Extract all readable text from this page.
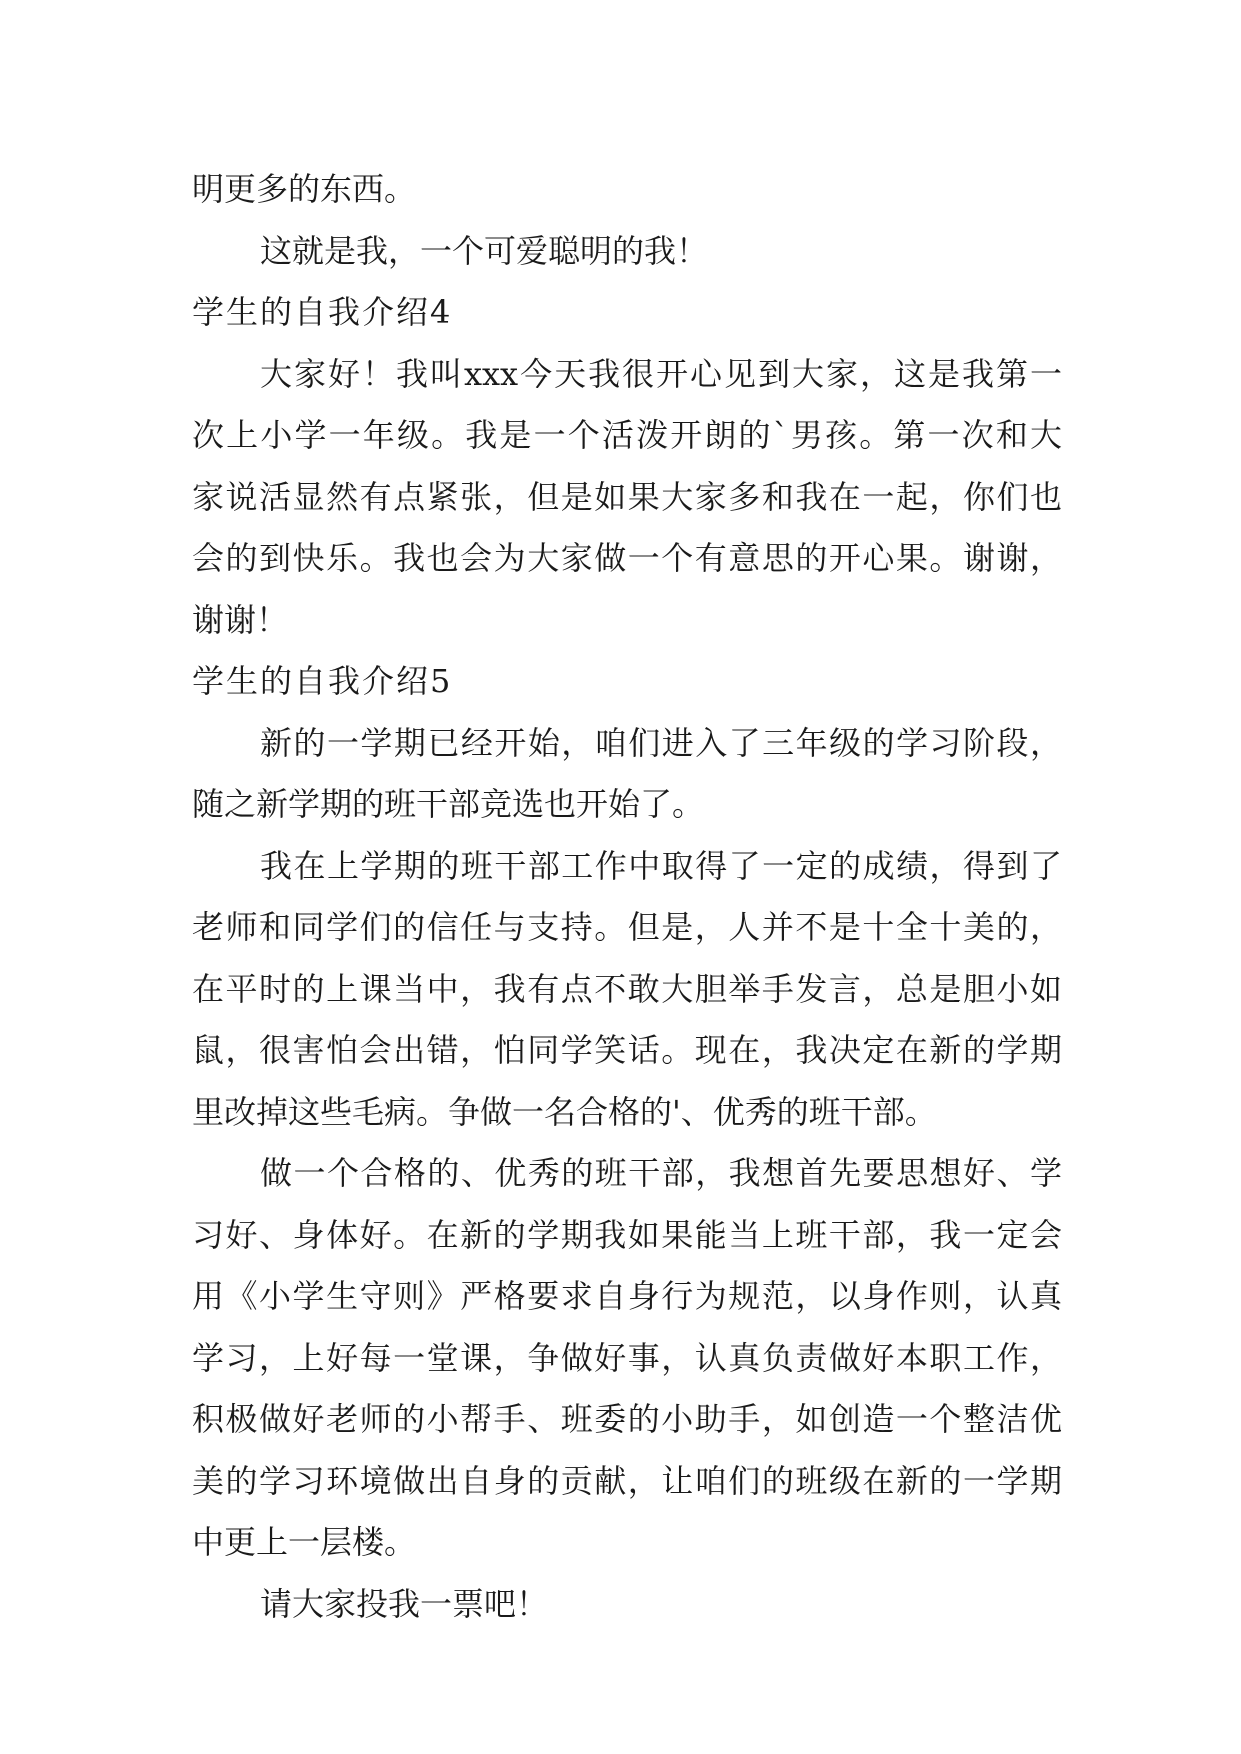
明更多的东西。
这就是我，一个可爱聪明的我！
学生的自我介绍4
大家好！我叫xxx今天我很开心见到大家，这是我第一
次上小学一年级。我是一个活泼开朗的`男孩。第一次和大
家说活显然有点紧张，但是如果大家多和我在一起，你们也
会的到快乐。我也会为大家做一个有意思的开心果。谢谢，
谢谢！
学生的自我介绍5
新的一学期已经开始，咱们进入了三年级的学习阶段，
随之新学期的班干部竞选也开始了。
我在上学期的班干部工作中取得了一定的成绩，得到了
老师和同学们的信任与支持。但是，人并不是十全十美的，
在平时的上课当中，我有点不敢大胆举手发言，总是胆小如
鼠，很害怕会出错，怕同学笑话。现在，我决定在新的学期
里改掉这些毛病。争做一名合格的'、优秀的班干部。
做一个合格的、优秀的班干部，我想首先要思想好、学
习好、身体好。在新的学期我如果能当上班干部，我一定会
用《小学生守则》严格要求自身行为规范，以身作则，认真
学习，上好每一堂课，争做好事，认真负责做好本职工作，
积极做好老师的小帮手、班委的小助手，如创造一个整洁优
美的学习环境做出自身的贡献，让咱们的班级在新的一学期
中更上一层楼。
请大家投我一票吧！
